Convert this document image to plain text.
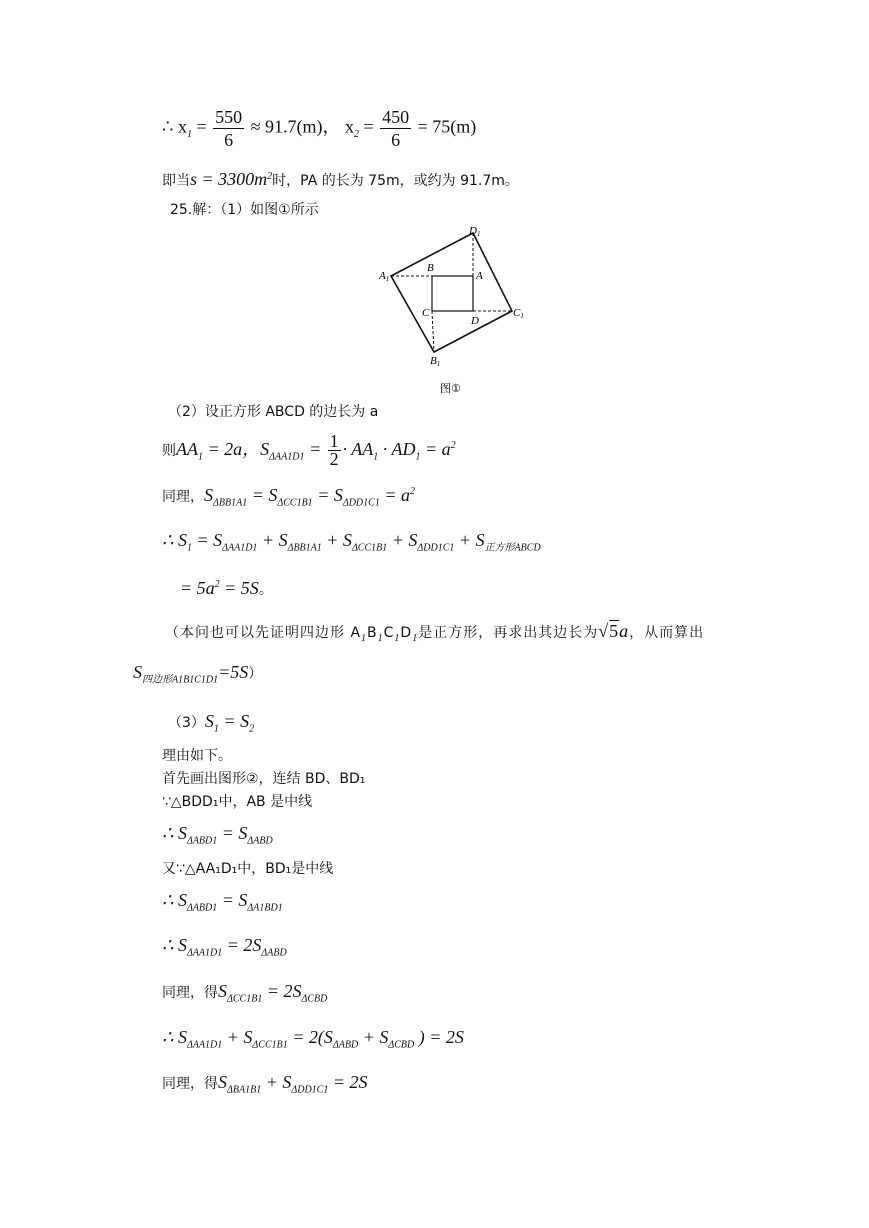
∴ $x_1 = \frac{550}{6} \approx 91.7(m)$， $x_2 = \frac{450}{6} = 75(m)$
即当$s = 3300m^2$时，PA 的长为 75m，或约为 91.7m。
25.解：（1）如图①所示
D1
A1
C1
B1
B
A
C
D
图①
（2）设正方形 ABCD 的边长为 a
则$AA_1 = 2a$，$S_{\Delta AA1D1} = \frac{1}{2} \cdot AA_1 \cdot AD_1 = a^2$
同理，$S_{\Delta BB1A1} = S_{\Delta CC1B1} = S_{\Delta DD1C1} = a^2$
∴ $S_1 = S_{\Delta AA1D1} + S_{\Delta BB1A1} + S_{\Delta CC1B1} + S_{\Delta DD1C1} + S_{正方形ABCD}$
= $5a^2 = 5S$。
（本问也可以先证明四边形 $A_1B_1C_1D_1$是正方形，再求出其边长为√5a，从而算出
$S_{四边形A1B1C1D1}=5S$）
$(3)S_1 = S_2$
理由如下。
首先画出图形②，连结 BD、BD₁
∵△BDD₁中，AB 是中线
∴ $S_{\Delta ABD1} = S_{\Delta ABD}$
又∵△AA₁D₁中，BD₁是中线
∴ $S_{\Delta ABD1} = S_{\Delta A1BD1}$
∴ $S_{\Delta AA1D1} = 2S_{\Delta ABD}$
同理，得$S_{\Delta CC1B1} = 2S_{\Delta CBD}$
∴ $S_{\Delta AA1D1} + S_{\Delta CC1B1} = 2(S_{\Delta ABD} + S_{\Delta CBD}$ ) = 2S
同理，得$S_{\Delta BA1B1} + S_{\Delta DD1C1} = 2S$
